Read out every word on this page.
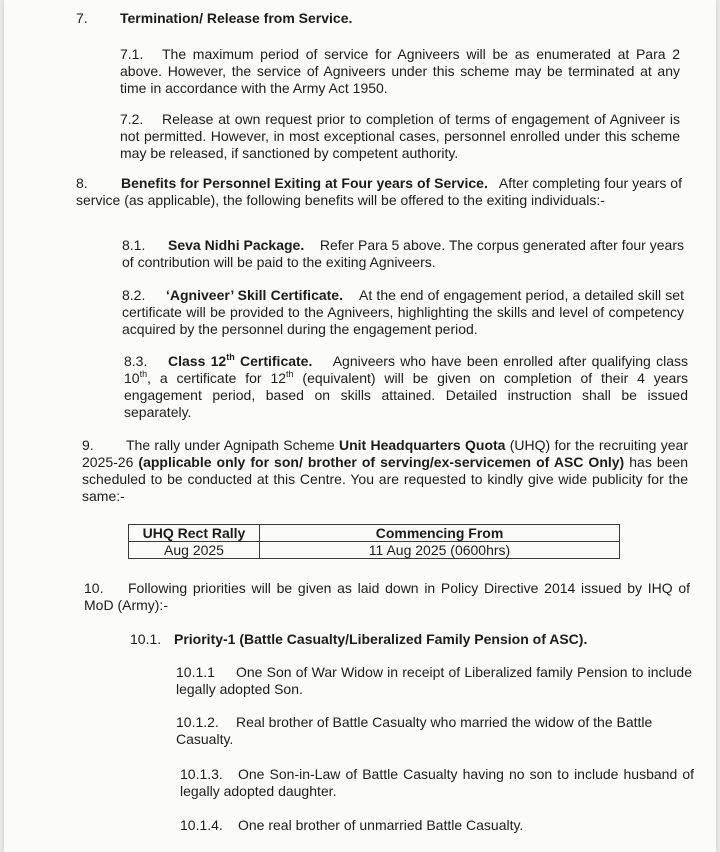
7. Termination/ Release from Service.
7.1. The maximum period of service for Agniveers will be as enumerated at Para 2 above. However, the service of Agniveers under this scheme may be terminated at any time in accordance with the Army Act 1950.
7.2. Release at own request prior to completion of terms of engagement of Agniveer is not permitted. However, in most exceptional cases, personnel enrolled under this scheme may be released, if sanctioned by competent authority.
8. Benefits for Personnel Exiting at Four years of Service. After completing four years of service (as applicable), the following benefits will be offered to the exiting individuals:-
8.1. Seva Nidhi Package. Refer Para 5 above. The corpus generated after four years of contribution will be paid to the exiting Agniveers.
8.2. ‘Agniveer’ Skill Certificate. At the end of engagement period, a detailed skill set certificate will be provided to the Agniveers, highlighting the skills and level of competency acquired by the personnel during the engagement period.
8.3. Class 12th Certificate. Agniveers who have been enrolled after qualifying class 10th, a certificate for 12th (equivalent) will be given on completion of their 4 years engagement period, based on skills attained. Detailed instruction shall be issued separately.
9. The rally under Agnipath Scheme Unit Headquarters Quota (UHQ) for the recruiting year 2025-26 (applicable only for son/ brother of serving/ex-servicemen of ASC Only) has been scheduled to be conducted at this Centre. You are requested to kindly give wide publicity for the same:-
UHQ Rect Rally	Commencing From
Aug 2025	11 Aug 2025 (0600hrs)
10. Following priorities will be given as laid down in Policy Directive 2014 issued by IHQ of MoD (Army):-
10.1. Priority-1 (Battle Casualty/Liberalized Family Pension of ASC).
10.1.1 One Son of War Widow in receipt of Liberalized family Pension to include legally adopted Son.
10.1.2. Real brother of Battle Casualty who married the widow of the Battle Casualty.
10.1.3. One Son-in-Law of Battle Casualty having no son to include husband of legally adopted daughter.
10.1.4. One real brother of unmarried Battle Casualty.
